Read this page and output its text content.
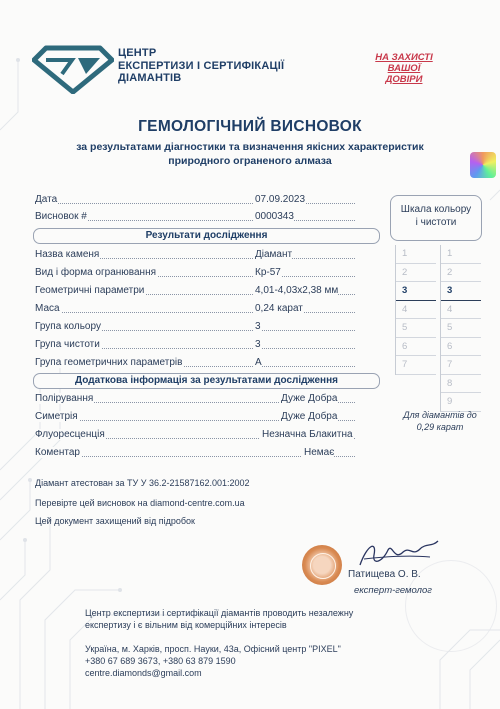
ЦЕНТР
ЕКСПЕРТИЗИ І СЕРТИФІКАЦІЇ
ДІАМАНТІВ
НА ЗАХИСТІ
ВАШОЇ
ДОВІРИ
ГЕМОЛОГІЧНИЙ ВИСНОВОК
за результатами діагностики та визначення якісних характеристик
природного ограненого алмаза
Дата	07.09.2023
Висновок #	0000343
Результати дослідження
Назва каменя	Діамант
Вид і форма огранювання	Кр-57
Геометричні параметри	4,01-4,03х2,38 мм
Маса	0,24 карат
Група кольору	3
Група чистоти	3
Група геометричних параметрів	А
Додаткова інформація за результатами дослідження
Полірування	Дуже Добра
Симетрія	Дуже Добра
Флуоресценція	Незначна Блакитна
Коментар	Немає
Шкала кольору
і чистоти
1
2
3
4
5
6
7
1
2
3
4
5
6
7
8
9
Для діамантів до
0,29 карат
Діамант атестован за ТУ У 36.2-21587162.001:2002
Перевірте цей висновок на diamond-centre.com.ua
Цей документ захищений від підробок
Патищева О. В.
експерт-гемолог
Центр експертизи і сертифікації діамантів проводить незалежну
експертизу і є вільним від комерційних інтересів
Україна, м. Харків, просп. Науки, 43а, Офісний центр "PIXEL"
+380 67 689 3673, +380 63 879 1590
centre.diamonds@gmail.com
